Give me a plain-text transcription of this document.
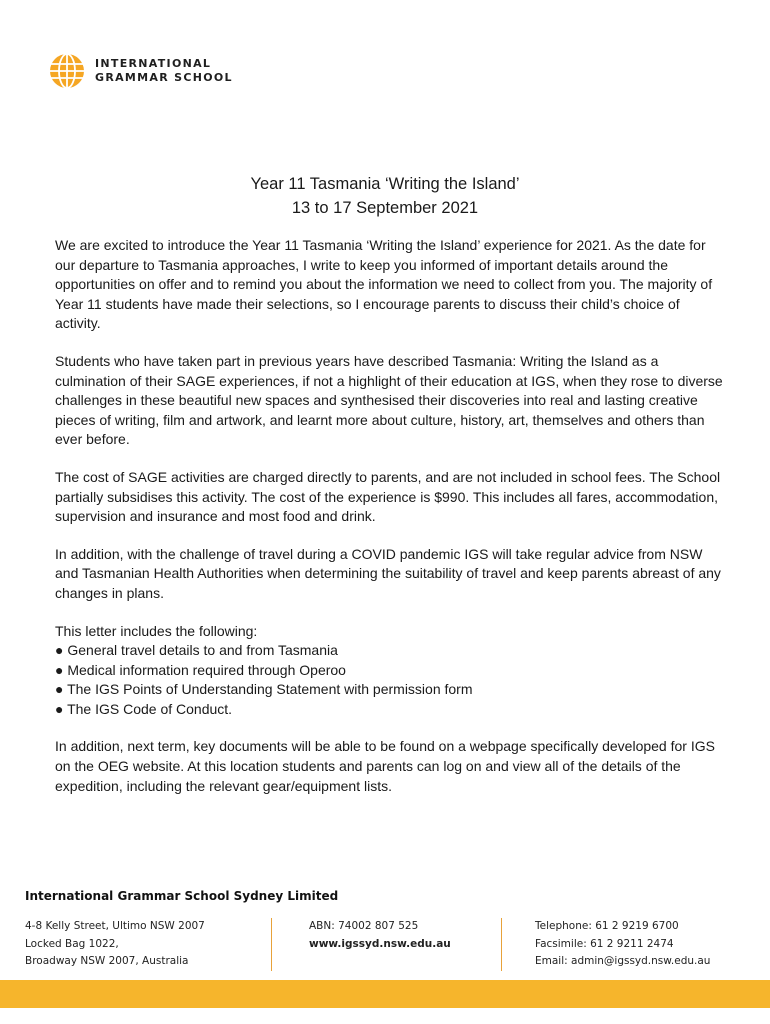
INTERNATIONAL
GRAMMAR SCHOOL
Year 11 Tasmania ‘Writing the Island’
13 to 17 September 2021

We are excited to introduce the Year 11 Tasmania ‘Writing the Island’ experience for 2021. As the date for our departure to Tasmania approaches, I write to keep you informed of important details around the opportunities on offer and to remind you about the information we need to collect from you. The majority of Year 11 students have made their selections, so I encourage parents to discuss their child’s choice of activity.

Students who have taken part in previous years have described Tasmania: Writing the Island as a culmination of their SAGE experiences, if not a highlight of their education at IGS, when they rose to diverse challenges in these beautiful new spaces and synthesised their discoveries into real and lasting creative pieces of writing, film and artwork, and learnt more about culture, history, art, themselves and others than ever before.

The cost of SAGE activities are charged directly to parents, and are not included in school fees. The School partially subsidises this activity. The cost of the experience is $990. This includes all fares, accommodation, supervision and insurance and most food and drink.

In addition, with the challenge of travel during a COVID pandemic IGS will take regular advice from NSW and Tasmanian Health Authorities when determining the suitability of travel and keep parents abreast of any changes in plans.

This letter includes the following:
● General travel details to and from Tasmania
● Medical information required through Operoo
● The IGS Points of Understanding Statement with permission form
● The IGS Code of Conduct.

In addition, next term, key documents will be able to be found on a webpage specifically developed for IGS on the OEG website. At this location students and parents can log on and view all of the details of the expedition, including the relevant gear/equipment lists.

International Grammar School Sydney Limited
4-8 Kelly Street, Ultimo NSW 2007
Locked Bag 1022,
Broadway NSW 2007, Australia
ABN: 74002 807 525
www.igssyd.nsw.edu.au
Telephone: 61 2 9219 6700
Facsimile: 61 2 9211 2474
Email: admin@igssyd.nsw.edu.au
